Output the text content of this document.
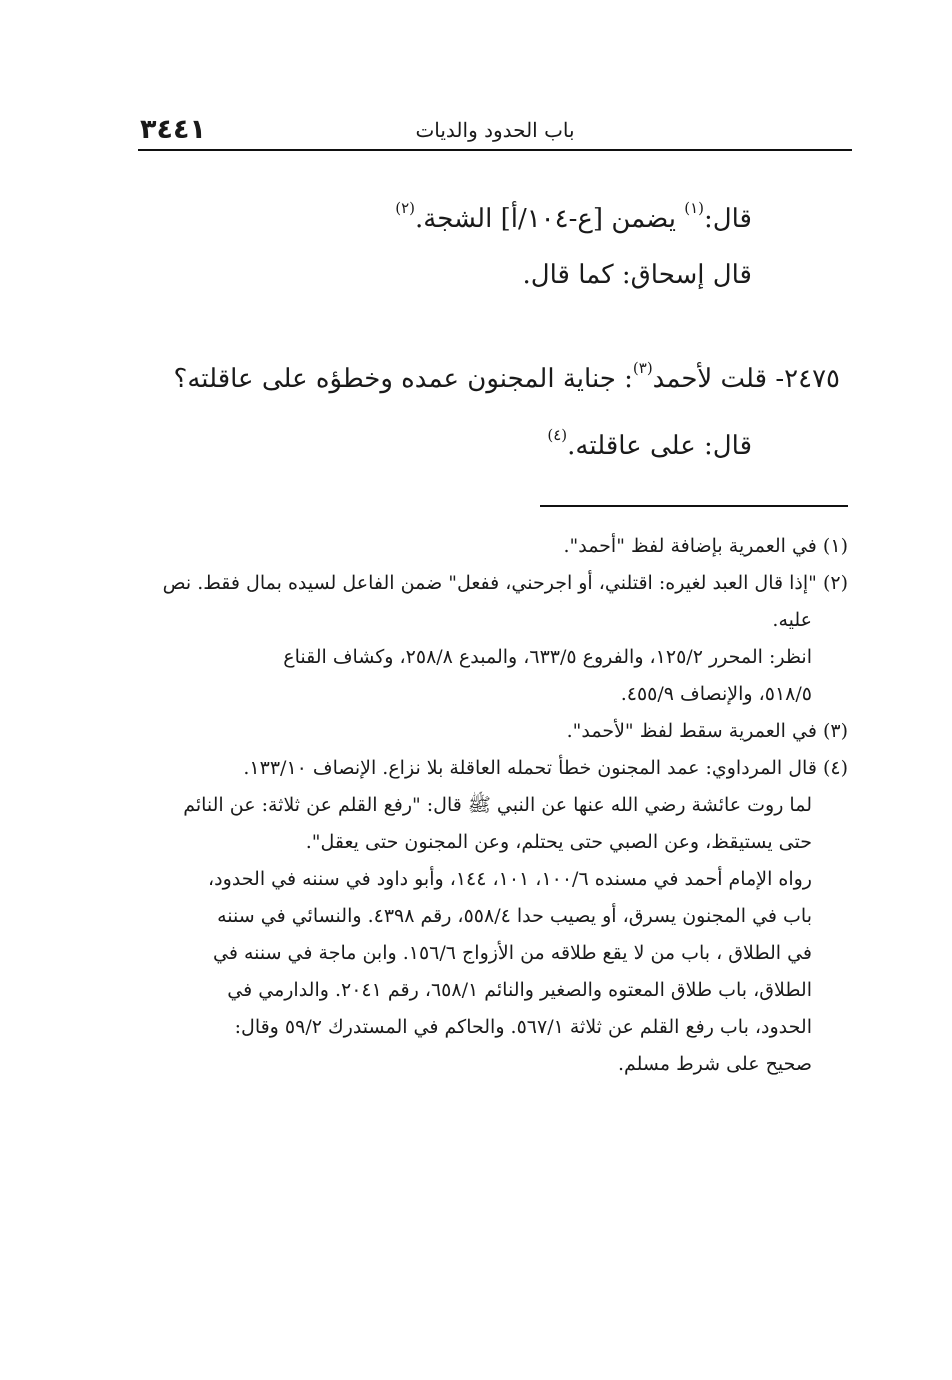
باب الحدود والديات
٣٤٤١

قال:$^{(١)}$ يضمن [ع-١٠٤/أ] الشجة.$^{(٢)}$

قال إسحاق: كما قال.

٢٤٧٥- قلت لأحمد$^{(٣)}$: جناية المجنون عمده وخطؤه على عاقلته؟

قال: على عاقلته.$^{(٤)}$

(١) في العمرية بإضافة لفظ "أحمد".

(٢) "إذا قال العبد لغيره: اقتلني، أو اجرحني، ففعل" ضمن الفاعل لسيده بمال فقط. نص

عليه.

انظر: المحرر ١٢٥/٢، والفروع ٦٣٣/٥، والمبدع ٢٥٨/٨، وكشاف القناع

٥١٨/٥، والإنصاف ٤٥٥/٩.

(٣) في العمرية سقط لفظ "لأحمد".

(٤) قال المرداوي: عمد المجنون خطأ تحمله العاقلة بلا نزاع. الإنصاف ١٣٣/١٠.

لما روت عائشة رضي الله عنها عن النبي ﷺ قال: "رفع القلم عن ثلاثة: عن النائم

حتى يستيقظ، وعن الصبي حتى يحتلم، وعن المجنون حتى يعقل".

رواه الإمام أحمد في مسنده ١٠٠/٦، ١٠١، ١٤٤، وأبو داود في سننه في الحدود،

باب في المجنون يسرق، أو يصيب حدا ٥٥٨/٤، رقم ٤٣٩٨. والنسائي في سننه

في الطلاق ، باب من لا يقع طلاقه من الأزواج ١٥٦/٦. وابن ماجة في سننه في

الطلاق، باب طلاق المعتوه والصغير والنائم ٦٥٨/١، رقم ٢٠٤١. والدارمي في

الحدود، باب رفع القلم عن ثلاثة ٥٦٧/١. والحاكم في المستدرك ٥٩/٢ وقال:

صحيح على شرط مسلم.
